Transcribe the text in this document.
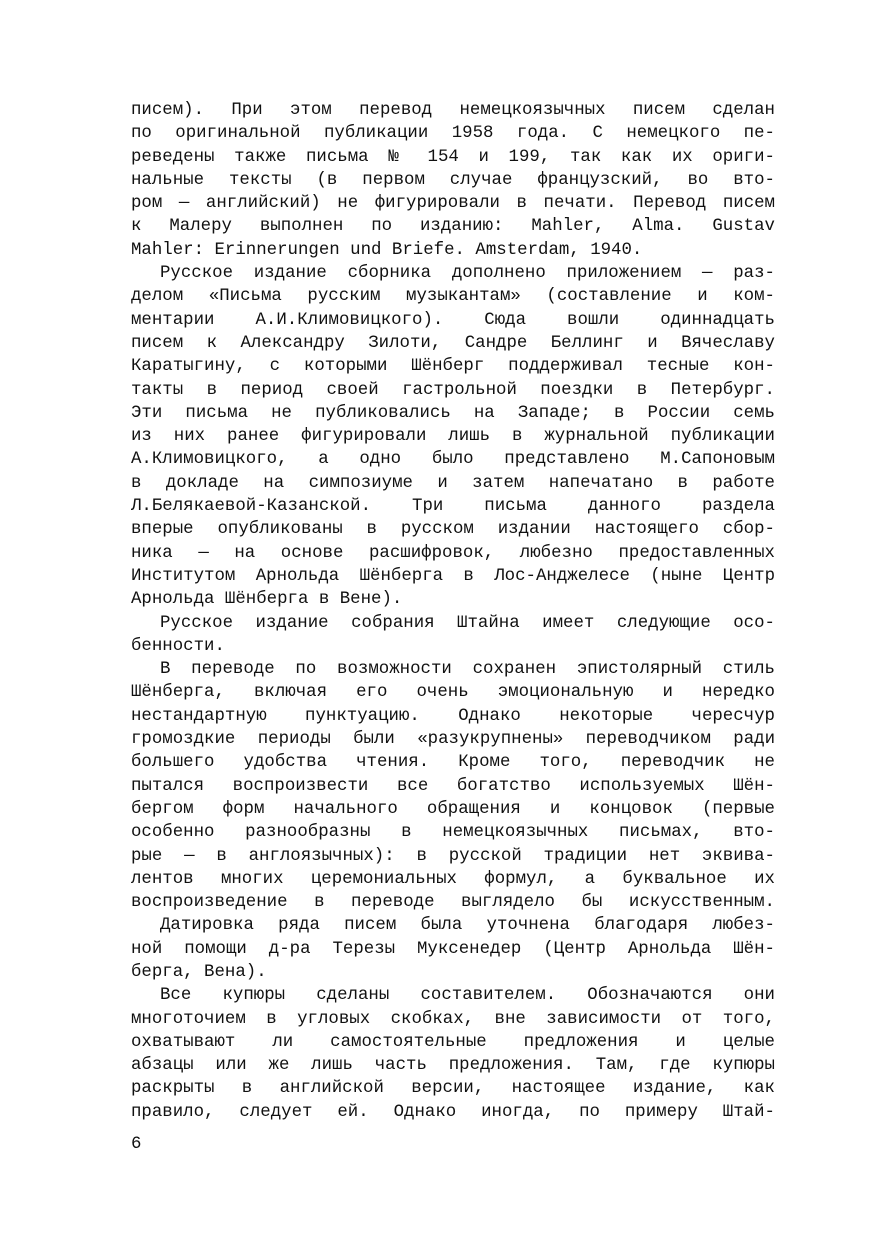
писем). При этом перевод немецкоязычных писем сделан
по оригинальной публикации 1958 года. С немецкого пе-
реведены также письма № 154 и 199, так как их ориги-
нальные тексты (в первом случае французский, во вто-
ром — английский) не фигурировали в печати. Перевод писем
к Малеру выполнен по изданию: Mahler, Alma. Gustav
Mahler: Erinnerungen und Briefe. Amsterdam, 1940.
Русское издание сборника дополнено приложением — раз-
делом «Письма русским музыкантам» (составление и ком-
ментарии А.И.Климовицкого). Сюда вошли одиннадцать
писем к Александру Зилоти, Сандре Беллинг и Вячеславу
Каратыгину, с которыми Шёнберг поддерживал тесные кон-
такты в период своей гастрольной поездки в Петербург.
Эти письма не публиковались на Западе; в России семь
из них ранее фигурировали лишь в журнальной публикации
А.Климовицкого, а одно было представлено М.Сапоновым
в докладе на симпозиуме и затем напечатано в работе
Л.Белякаевой-Казанской. Три письма данного раздела
вперые опубликованы в русском издании настоящего сбор-
ника — на основе расшифровок, любезно предоставленных
Институтом Арнольда Шёнберга в Лос-Анджелесе (ныне Центр
Арнольда Шёнберга в Вене).
Русское издание собрания Штайна имеет следующие осо-
бенности.
В переводе по возможности сохранен эпистолярный стиль
Шёнберга, включая его очень эмоциональную и нередко
нестандартную пунктуацию. Однако некоторые чересчур
громоздкие периоды были «разукрупнены» переводчиком ради
большего удобства чтения. Кроме того, переводчик не
пытался воспроизвести все богатство используемых Шён-
бергом форм начального обращения и концовок (первые
особенно разнообразны в немецкоязычных письмах, вто-
рые — в англоязычных): в русской традиции нет эквива-
лентов многих церемониальных формул, а буквальное их
воспроизведение в переводе выглядело бы искусственным.
Датировка ряда писем была уточнена благодаря любез-
ной помощи д-ра Терезы Муксенедер (Центр Арнольда Шён-
берга, Вена).
Все купюры сделаны составителем. Обозначаются они
многоточием в угловых скобках, вне зависимости от того,
охватывают ли самостоятельные предложения и целые
абзацы или же лишь часть предложения. Там, где купюры
раскрыты в английской версии, настоящее издание, как
правило, следует ей. Однако иногда, по примеру Штай-
6
